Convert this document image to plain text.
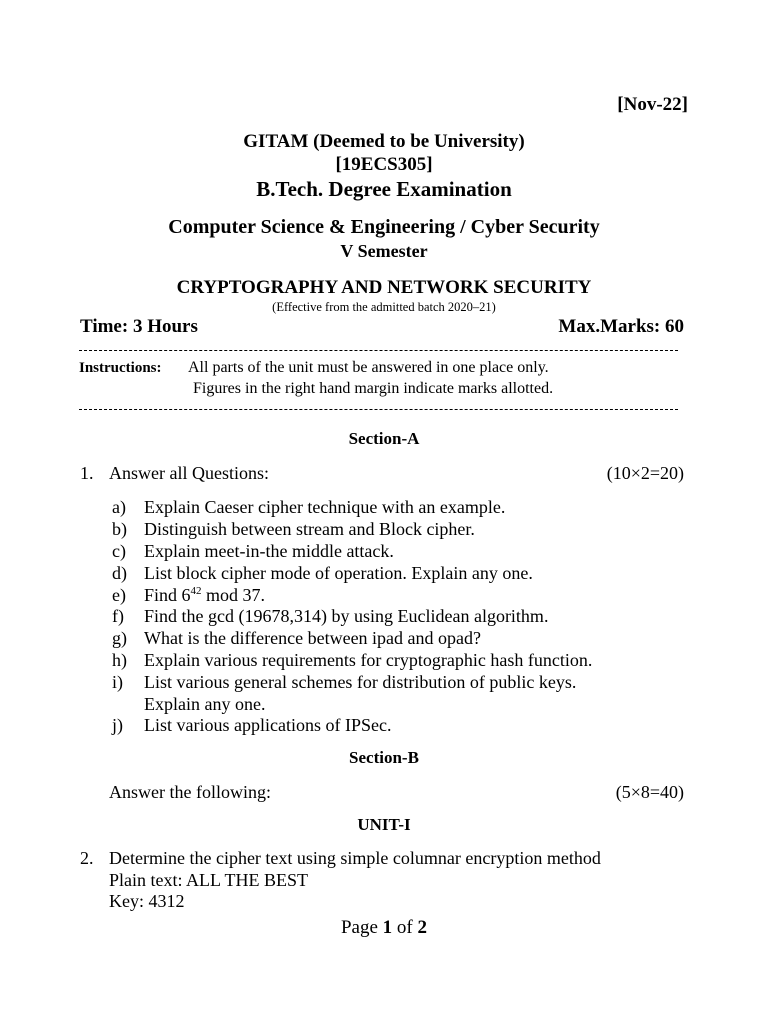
[Nov-22]
GITAM (Deemed to be University)
[19ECS305]
B.Tech. Degree Examination
Computer Science & Engineering / Cyber Security
V Semester
CRYPTOGRAPHY AND NETWORK SECURITY
(Effective from the admitted batch 2020–21)
Time: 3 Hours	Max.Marks: 60
Instructions: All parts of the unit must be answered in one place only.
Figures in the right hand margin indicate marks allotted.
Section-A
1. Answer all Questions:	(10×2=20)
a) Explain Caeser cipher technique with an example.
b) Distinguish between stream and Block cipher.
c) Explain meet-in-the middle attack.
d) List block cipher mode of operation. Explain any one.
e) Find $6^{42}$ mod 37.
f) Find the gcd (19678,314) by using Euclidean algorithm.
g) What is the difference between ipad and opad?
h) Explain various requirements for cryptographic hash function.
i) List various general schemes for distribution of public keys.
Explain any one.
j) List various applications of IPSec.
Section-B
Answer the following:	(5×8=40)
UNIT-I
2. Determine the cipher text using simple columnar encryption method
Plain text: ALL THE BEST
Key: 4312
Page 1 of 2
